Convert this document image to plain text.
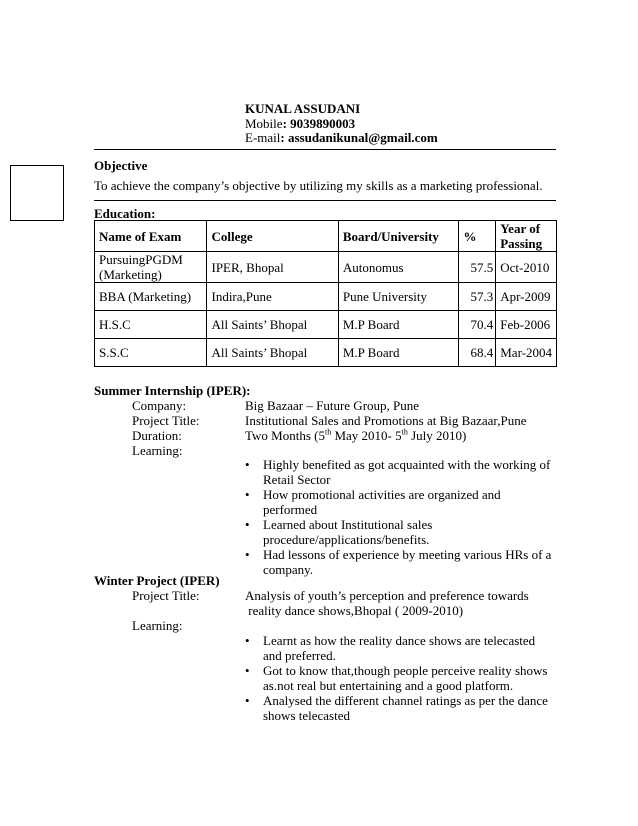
KUNAL ASSUDANI
Mobile: 9039890003
E-mail: assudanikunal@gmail.com
Objective
To achieve the company’s objective by utilizing my skills as a marketing professional.
Education:
Name of Exam	College	Board/University	%	Year of Passing
PursuingPGDM (Marketing)	IPER, Bhopal	Autonomus	57.5	Oct-2010
BBA (Marketing)	Indira,Pune	Pune University	57.3	Apr-2009
H.S.C	All Saints’ Bhopal	M.P Board	70.4	Feb-2006
S.S.C	All Saints’ Bhopal	M.P Board	68.4	Mar-2004
Summer Internship (IPER):
Company:	Big Bazaar – Future Group, Pune
Project Title:	Institutional Sales and Promotions at Big Bazaar,Pune
Duration:	Two Months (5th May 2010- 5th July 2010)
Learning:
• Highly benefited as got acquainted with the working of Retail Sector
• How promotional activities are organized and performed
• Learned about Institutional sales procedure/applications/benefits.
• Had lessons of experience by meeting various HRs of a company.
Winter Project (IPER)
Project Title:	Analysis of youth’s perception and preference towards
reality dance shows,Bhopal ( 2009-2010)
Learning:
• Learnt as how the reality dance shows are telecasted and preferred.
• Got to know that,though people perceive reality shows as.not real but entertaining and a good platform.
• Analysed the different channel ratings as per the dance shows telecasted
